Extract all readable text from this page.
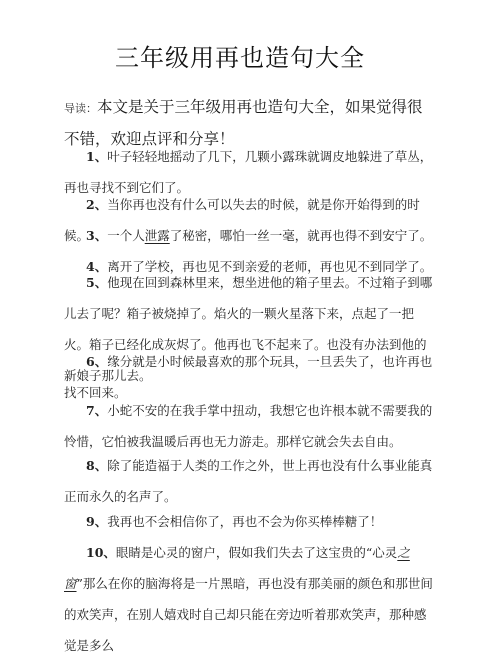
三年级用再也造句大全
导读：本文是关于三年级用再也造句大全，如果觉得很不错，欢迎点评和分享！
1、叶子轻轻地摇动了几下，几颗小露珠就调皮地躲进了草丛，再也寻找不到它们了。
2、当你再也没有什么可以失去的时候，就是你开始得到的时候。
3、一个人泄露了秘密，哪怕一丝一毫，就再也得不到安宁了。
4、离开了学校，再也见不到亲爱的老师，再也见不到同学了。
5、他现在回到森林里来，想坐进他的箱子里去。不过箱子到哪儿去了呢？箱子被烧掉了。焰火的一颗火星落下来，点起了一把火。箱子已经化成灰烬了。他再也飞不起来了。也没有办法到他的新娘子那儿去。
6、缘分就是小时候最喜欢的那个玩具，一旦丢失了，也许再也找不回来。
7、小蛇不安的在我手掌中扭动，我想它也许根本就不需要我的怜惜，它怕被我温暖后再也无力游走。那样它就会失去自由。
8、除了能造福于人类的工作之外，世上再也没有什么事业能真正而永久的名声了。
9、我再也不会相信你了，再也不会为你买棒棒糖了！
10、眼睛是心灵的窗户，假如我们失去了这宝贵的“心灵之窗”那么在你的脑海将是一片黑暗，再也没有那美丽的颜色和那世间的欢笑声，在别人嬉戏时自己却只能在旁边听着那欢笑声，那种感觉是多么
